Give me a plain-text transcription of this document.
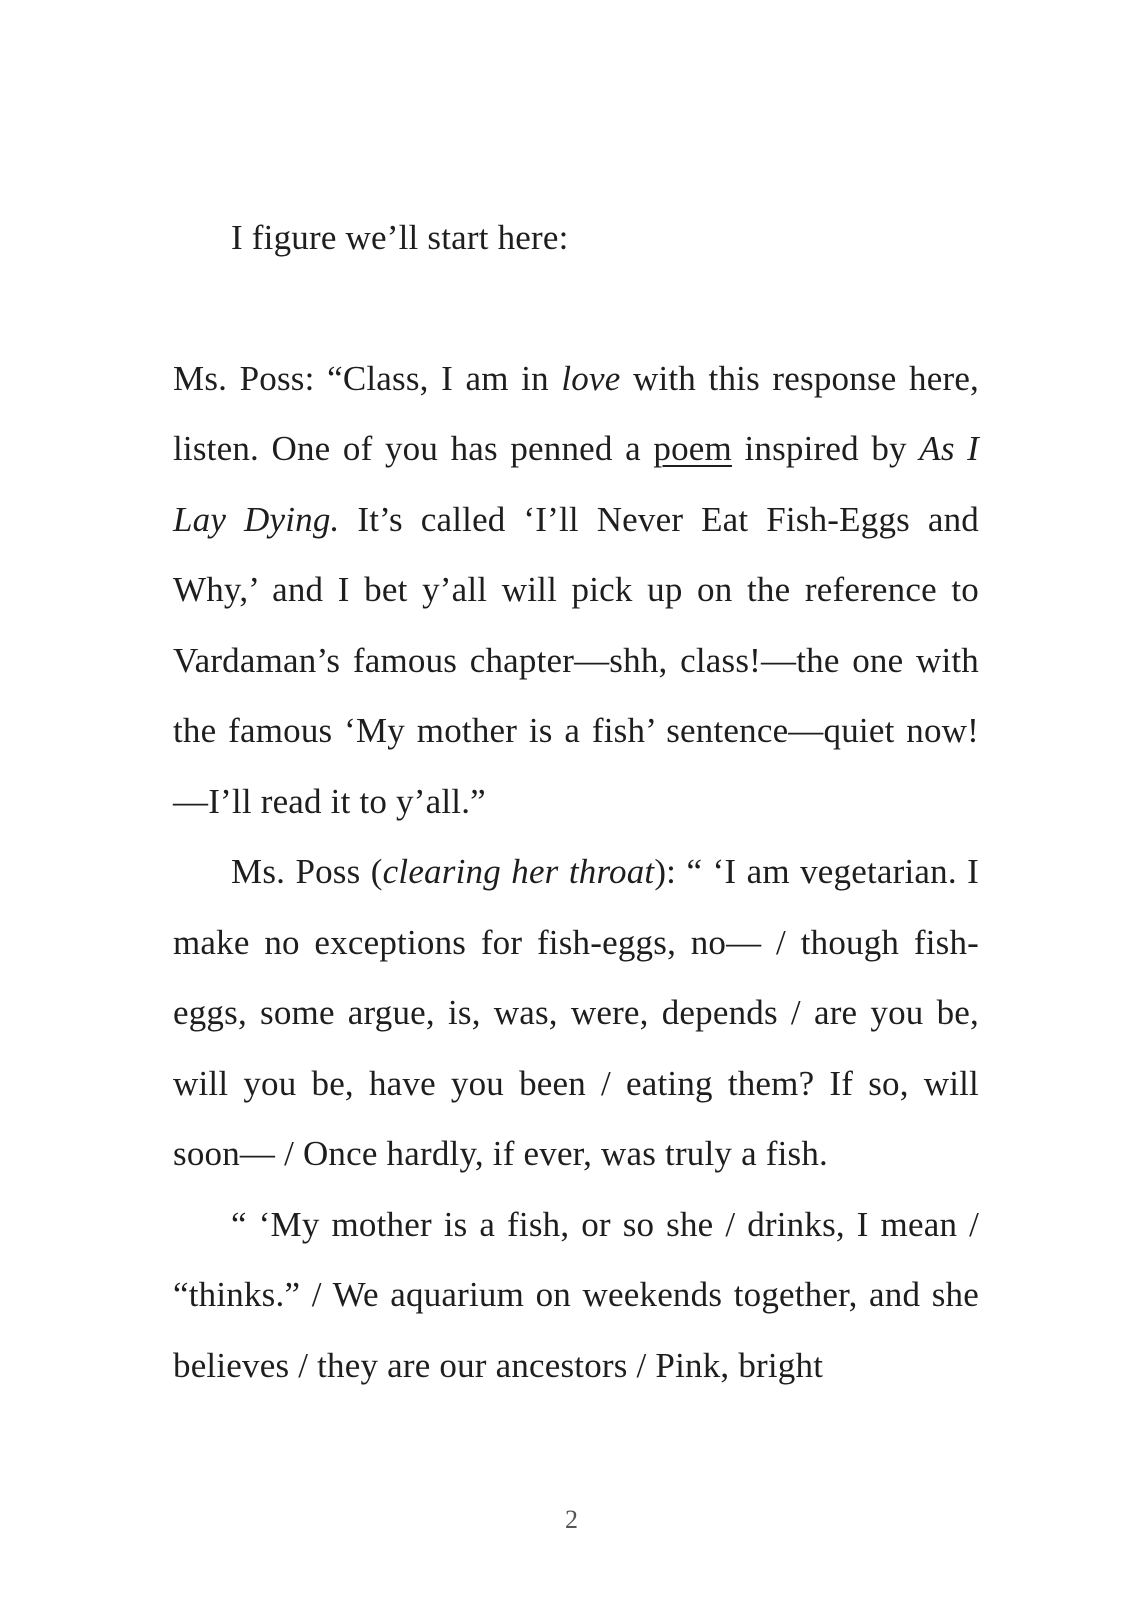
I figure we’ll start here:

Ms. Poss: “Class, I am in love with this response here, listen. One of you has penned a poem inspired by As I Lay Dying. It’s called ‘I’ll Never Eat Fish-Eggs and Why,’ and I bet y’all will pick up on the reference to Vardaman’s famous chapter—shh, class!—the one with the famous ‘My mother is a fish’ sentence—quiet now!—I’ll read it to y’all.”

Ms. Poss (clearing her throat): “ ‘I am vegetarian. I make no exceptions for fish-eggs, no— / though fish-eggs, some argue, is, was, were, depends / are you be, will you be, have you been / eating them? If so, will soon— / Once hardly, if ever, was truly a fish.

“ ‘My mother is a fish, or so she / drinks, I mean / “thinks.” / We aquarium on weekends together, and she believes / they are our ancestors / Pink, bright

2
